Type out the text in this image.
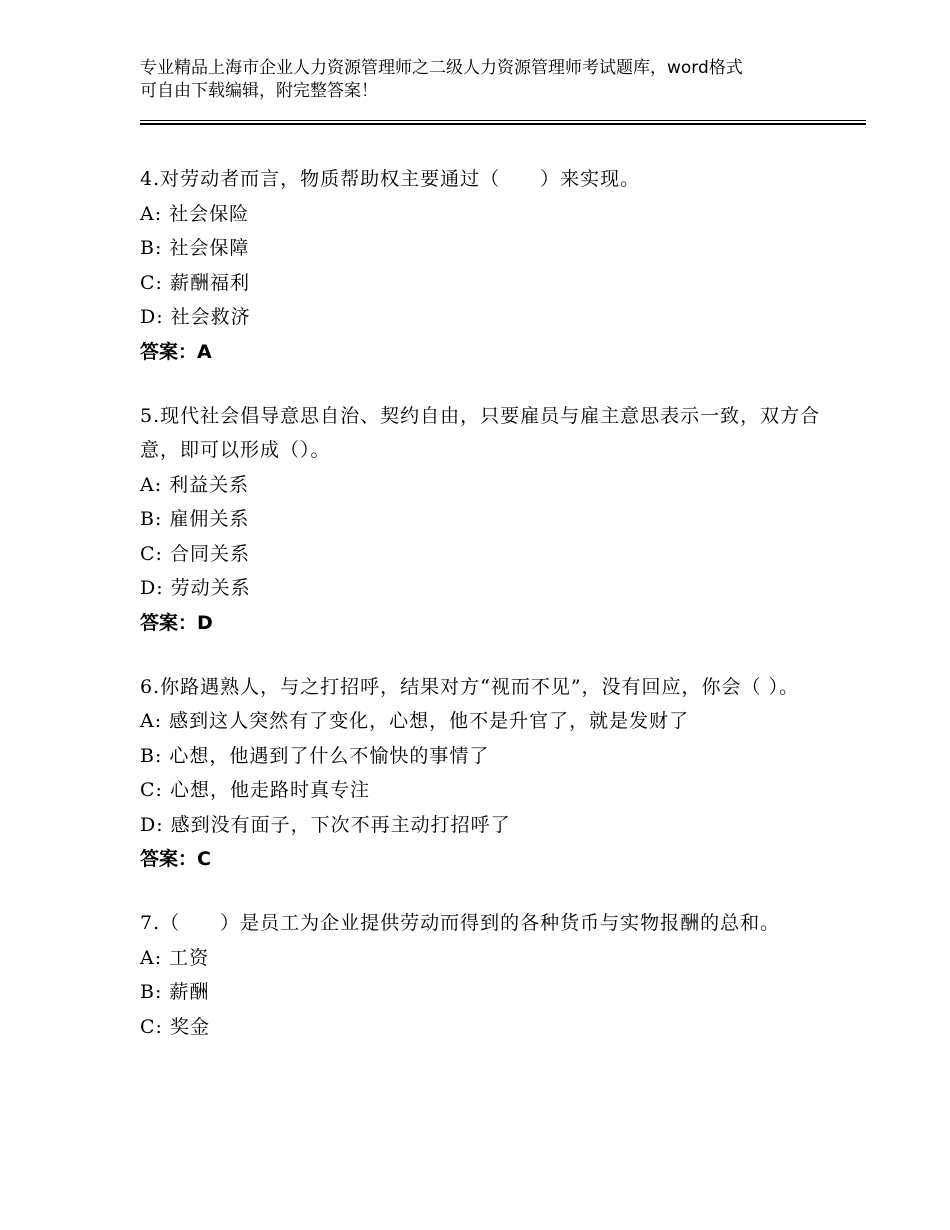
专业精品上海市企业人力资源管理师之二级人力资源管理师考试题库，word格式
可自由下载编辑，附完整答案！
4.对劳动者而言，物质帮助权主要通过（　　）来实现。
A: 社会保险
B: 社会保障
C: 薪酬福利
D: 社会救济
答案：A
5.现代社会倡导意思自治、契约自由，只要雇员与雇主意思表示一致，双方合意，即可以形成（）。
A: 利益关系
B: 雇佣关系
C: 合同关系
D: 劳动关系
答案：D
6.你路遇熟人，与之打招呼，结果对方“视而不见”，没有回应，你会（ ）。
A: 感到这人突然有了变化，心想，他不是升官了，就是发财了
B: 心想，他遇到了什么不愉快的事情了
C: 心想，他走路时真专注
D: 感到没有面子，下次不再主动打招呼了
答案：C
7.（　　）是员工为企业提供劳动而得到的各种货币与实物报酬的总和。
A: 工资
B: 薪酬
C: 奖金
